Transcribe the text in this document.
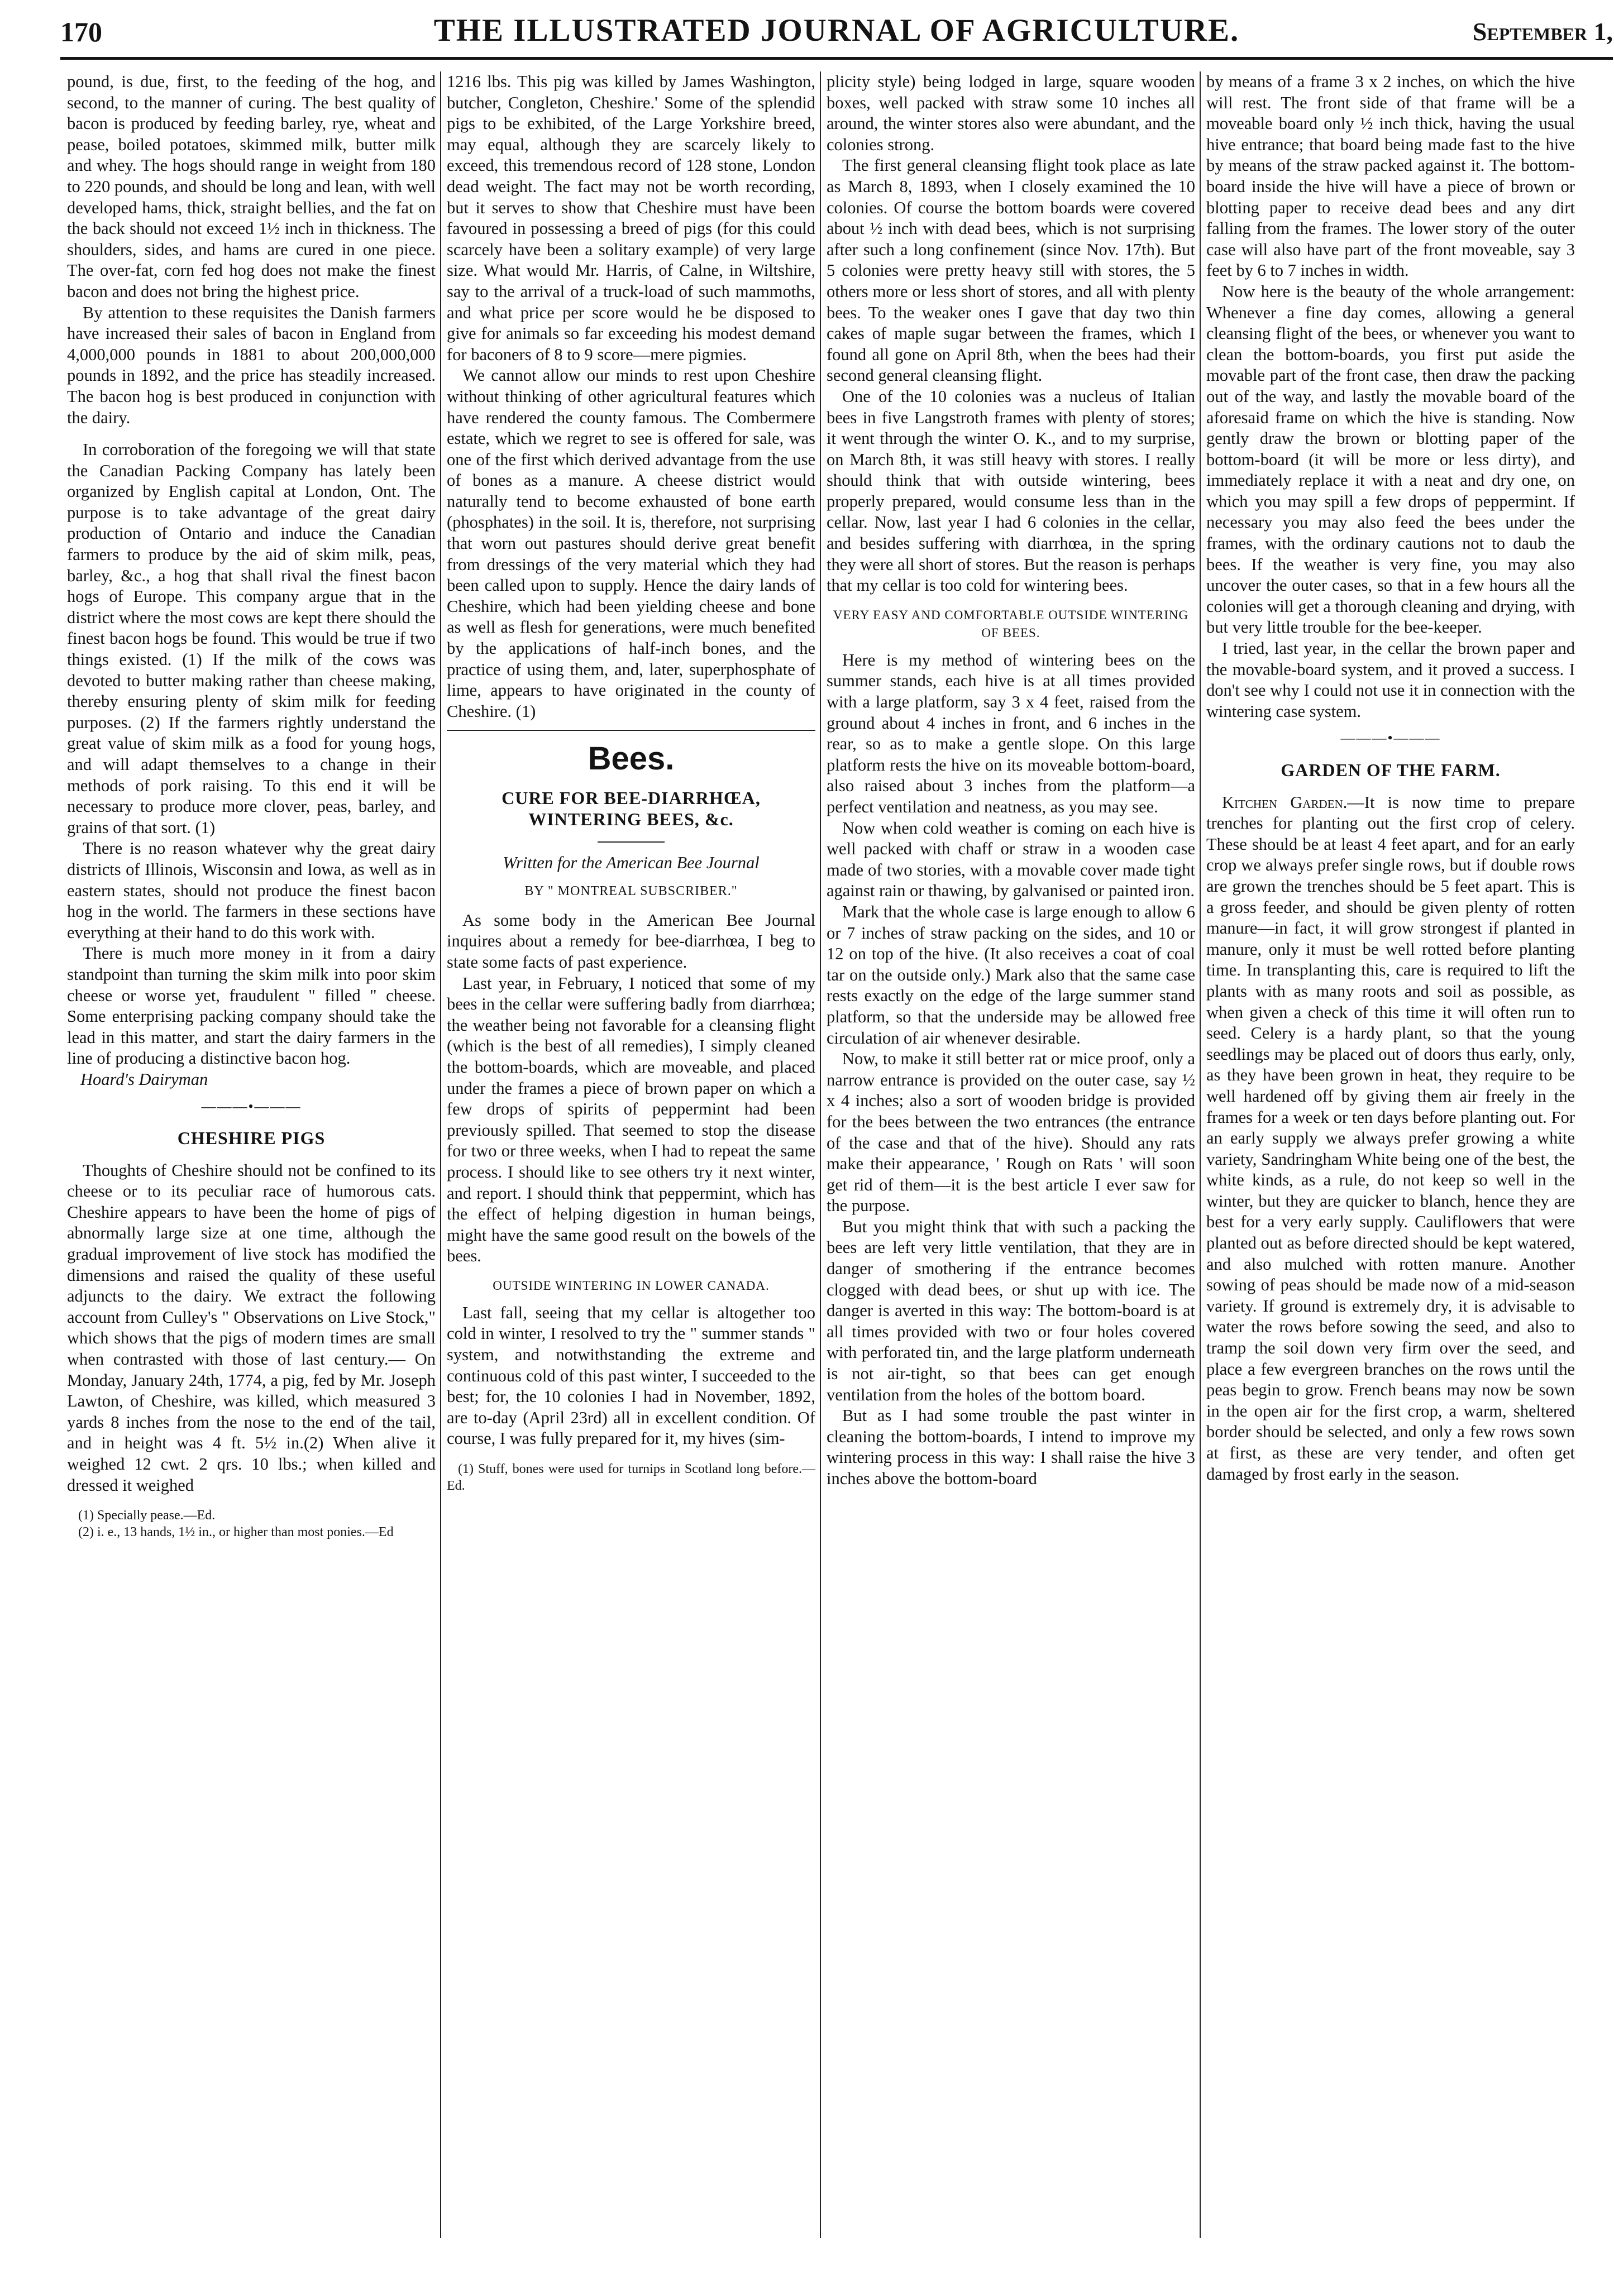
170	THE ILLUSTRATED JOURNAL OF AGRICULTURE.	September 1,

pound, is due, first, to the feeding of the hog, and second, to the manner of curing. The best quality of bacon is produced by feeding barley, rye, wheat and pease, boiled potatoes, skimmed milk, butter milk and whey. The hogs should range in weight from 180 to 220 pounds, and should be long and lean, with well developed hams, thick, straight bellies, and the fat on the back should not exceed 1½ inch in thickness. The shoulders, sides, and hams are cured in one piece. The over-fat, corn fed hog does not make the finest bacon and does not bring the highest price.

By attention to these requisites the Danish farmers have increased their sales of bacon in England from 4,000,000 pounds in 1881 to about 200,000,000 pounds in 1892, and the price has steadily increased. The bacon hog is best produced in conjunction with the dairy.

In corroboration of the foregoing we will that state the Canadian Packing Company has lately been organized by English capital at London, Ont. The purpose is to take advantage of the great dairy production of Ontario and induce the Canadian farmers to produce by the aid of skim milk, peas, barley, &c., a hog that shall rival the finest bacon hogs of Europe. This company argue that in the district where the most cows are kept there should the finest bacon hogs be found. This would be true if two things existed. (1) If the milk of the cows was devoted to butter making rather than cheese making, thereby ensuring plenty of skim milk for feeding purposes. (2) If the farmers rightly understand the great value of skim milk as a food for young hogs, and will adapt themselves to a change in their methods of pork raising. To this end it will be necessary to produce more clover, peas, barley, and grains of that sort. (1)

There is no reason whatever why the great dairy districts of Illinois, Wisconsin and Iowa, as well as in eastern states, should not produce the finest bacon hog in the world. The farmers in these sections have everything at their hand to do this work with.

There is much more money in it from a dairy standpoint than turning the skim milk into poor skim cheese or worse yet, fraudulent " filled " cheese. Some enterprising packing company should take the lead in this matter, and start the dairy farmers in the line of producing a distinctive bacon hog.

Hoard's Dairyman

———•———
CHESHIRE PIGS

Thoughts of Cheshire should not be confined to its cheese or to its peculiar race of humorous cats. Cheshire appears to have been the home of pigs of abnormally large size at one time, although the gradual improvement of live stock has modified the dimensions and raised the quality of these useful adjuncts to the dairy. We extract the following account from Culley's " Observations on Live Stock," which shows that the pigs of modern times are small when contrasted with those of last century.— On Monday, January 24th, 1774, a pig, fed by Mr. Joseph Lawton, of Cheshire, was killed, which measured 3 yards 8 inches from the nose to the end of the tail, and in height was 4 ft. 5½ in.(2) When alive it weighed 12 cwt. 2 qrs. 10 lbs.; when killed and dressed it weighed

(1) Specially pease.—Ed.

(2) i. e., 13 hands, 1½ in., or higher than most ponies.—Ed

1216 lbs. This pig was killed by James Washington, butcher, Congleton, Cheshire.' Some of the splendid pigs to be exhibited, of the Large Yorkshire breed, may equal, although they are scarcely likely to exceed, this tremendous record of 128 stone, London dead weight. The fact may not be worth recording, but it serves to show that Cheshire must have been favoured in possessing a breed of pigs (for this could scarcely have been a solitary example) of very large size. What would Mr. Harris, of Calne, in Wiltshire, say to the arrival of a truck-load of such mammoths, and what price per score would he be disposed to give for animals so far exceeding his modest demand for baconers of 8 to 9 score—mere pigmies.

We cannot allow our minds to rest upon Cheshire without thinking of other agricultural features which have rendered the county famous. The Combermere estate, which we regret to see is offered for sale, was one of the first which derived advantage from the use of bones as a manure. A cheese district would naturally tend to become exhausted of bone earth (phosphates) in the soil. It is, therefore, not surprising that worn out pastures should derive great benefit from dressings of the very material which they had been called upon to supply. Hence the dairy lands of Cheshire, which had been yielding cheese and bone as well as flesh for generations, were much benefited by the applications of half-inch bones, and the practice of using them, and, later, superphosphate of lime, appears to have originated in the county of Cheshire. (1)

Bees.
CURE FOR BEE-DIARRHŒA, WINTERING BEES, &c.

Written for the American Bee Journal

BY " MONTREAL SUBSCRIBER."

As some body in the American Bee Journal inquires about a remedy for bee-diarrhœa, I beg to state some facts of past experience.

Last year, in February, I noticed that some of my bees in the cellar were suffering badly from diarrhœa; the weather being not favorable for a cleansing flight (which is the best of all remedies), I simply cleaned the bottom-boards, which are moveable, and placed under the frames a piece of brown paper on which a few drops of spirits of peppermint had been previously spilled. That seemed to stop the disease for two or three weeks, when I had to repeat the same process. I should like to see others try it next winter, and report. I should think that peppermint, which has the effect of helping digestion in human beings, might have the same good result on the bowels of the bees.

OUTSIDE WINTERING IN LOWER CANADA.

Last fall, seeing that my cellar is altogether too cold in winter, I resolved to try the " summer stands " system, and notwithstanding the extreme and continuous cold of this past winter, I succeeded to the best; for, the 10 colonies I had in November, 1892, are to-day (April 23rd) all in excellent condition. Of course, I was fully prepared for it, my hives (sim-

(1) Stuff, bones were used for turnips in Scotland long before.—Ed.

plicity style) being lodged in large, square wooden boxes, well packed with straw some 10 inches all around, the winter stores also were abundant, and the colonies strong.

The first general cleansing flight took place as late as March 8, 1893, when I closely examined the 10 colonies. Of course the bottom boards were covered about ½ inch with dead bees, which is not surprising after such a long confinement (since Nov. 17th). But 5 colonies were pretty heavy still with stores, the 5 others more or less short of stores, and all with plenty bees. To the weaker ones I gave that day two thin cakes of maple sugar between the frames, which I found all gone on April 8th, when the bees had their second general cleansing flight.

One of the 10 colonies was a nucleus of Italian bees in five Langstroth frames with plenty of stores; it went through the winter O. K., and to my surprise, on March 8th, it was still heavy with stores. I really should think that with outside wintering, bees properly prepared, would consume less than in the cellar. Now, last year I had 6 colonies in the cellar, and besides suffering with diarrhœa, in the spring they were all short of stores. But the reason is perhaps that my cellar is too cold for wintering bees.

VERY EASY AND COMFORTABLE OUTSIDE WINTERING OF BEES.

Here is my method of wintering bees on the summer stands, each hive is at all times provided with a large platform, say 3 x 4 feet, raised from the ground about 4 inches in front, and 6 inches in the rear, so as to make a gentle slope. On this large platform rests the hive on its moveable bottom-board, also raised about 3 inches from the platform—a perfect ventilation and neatness, as you may see.

Now when cold weather is coming on each hive is well packed with chaff or straw in a wooden case made of two stories, with a movable cover made tight against rain or thawing, by galvanised or painted iron.

Mark that the whole case is large enough to allow 6 or 7 inches of straw packing on the sides, and 10 or 12 on top of the hive. (It also receives a coat of coal tar on the outside only.) Mark also that the same case rests exactly on the edge of the large summer stand platform, so that the underside may be allowed free circulation of air whenever desirable.

Now, to make it still better rat or mice proof, only a narrow entrance is provided on the outer case, say ½ x 4 inches; also a sort of wooden bridge is provided for the bees between the two entrances (the entrance of the case and that of the hive). Should any rats make their appearance, ' Rough on Rats ' will soon get rid of them—it is the best article I ever saw for the purpose.

But you might think that with such a packing the bees are left very little ventilation, that they are in danger of smothering if the entrance becomes clogged with dead bees, or shut up with ice. The danger is averted in this way: The bottom-board is at all times provided with two or four holes covered with perforated tin, and the large platform underneath is not air-tight, so that bees can get enough ventilation from the holes of the bottom board.

But as I had some trouble the past winter in cleaning the bottom-boards, I intend to improve my wintering process in this way: I shall raise the hive 3 inches above the bottom-board

by means of a frame 3 x 2 inches, on which the hive will rest. The front side of that frame will be a moveable board only ½ inch thick, having the usual hive entrance; that board being made fast to the hive by means of the straw packed against it. The bottom-board inside the hive will have a piece of brown or blotting paper to receive dead bees and any dirt falling from the frames. The lower story of the outer case will also have part of the front moveable, say 3 feet by 6 to 7 inches in width.

Now here is the beauty of the whole arrangement: Whenever a fine day comes, allowing a general cleansing flight of the bees, or whenever you want to clean the bottom-boards, you first put aside the movable part of the front case, then draw the packing out of the way, and lastly the movable board of the aforesaid frame on which the hive is standing. Now gently draw the brown or blotting paper of the bottom-board (it will be more or less dirty), and immediately replace it with a neat and dry one, on which you may spill a few drops of peppermint. If necessary you may also feed the bees under the frames, with the ordinary cautions not to daub the bees. If the weather is very fine, you may also uncover the outer cases, so that in a few hours all the colonies will get a thorough cleaning and drying, with but very little trouble for the bee-keeper.

I tried, last year, in the cellar the brown paper and the movable-board system, and it proved a success. I don't see why I could not use it in connection with the wintering case system.

———•———
GARDEN OF THE FARM.

Kitchen Garden.—It is now time to prepare trenches for planting out the first crop of celery. These should be at least 4 feet apart, and for an early crop we always prefer single rows, but if double rows are grown the trenches should be 5 feet apart. This is a gross feeder, and should be given plenty of rotten manure—in fact, it will grow strongest if planted in manure, only it must be well rotted before planting time. In transplanting this, care is required to lift the plants with as many roots and soil as possible, as when given a check of this time it will often run to seed. Celery is a hardy plant, so that the young seedlings may be placed out of doors thus early, only, as they have been grown in heat, they require to be well hardened off by giving them air freely in the frames for a week or ten days before planting out. For an early supply we always prefer growing a white variety, Sandringham White being one of the best, the white kinds, as a rule, do not keep so well in the winter, but they are quicker to blanch, hence they are best for a very early supply. Cauliflowers that were planted out as before directed should be kept watered, and also mulched with rotten manure. Another sowing of peas should be made now of a mid-season variety. If ground is extremely dry, it is advisable to water the rows before sowing the seed, and also to tramp the soil down very firm over the seed, and place a few evergreen branches on the rows until the peas begin to grow. French beans may now be sown in the open air for the first crop, a warm, sheltered border should be selected, and only a few rows sown at first, as these are very tender, and often get damaged by frost early in the season.
